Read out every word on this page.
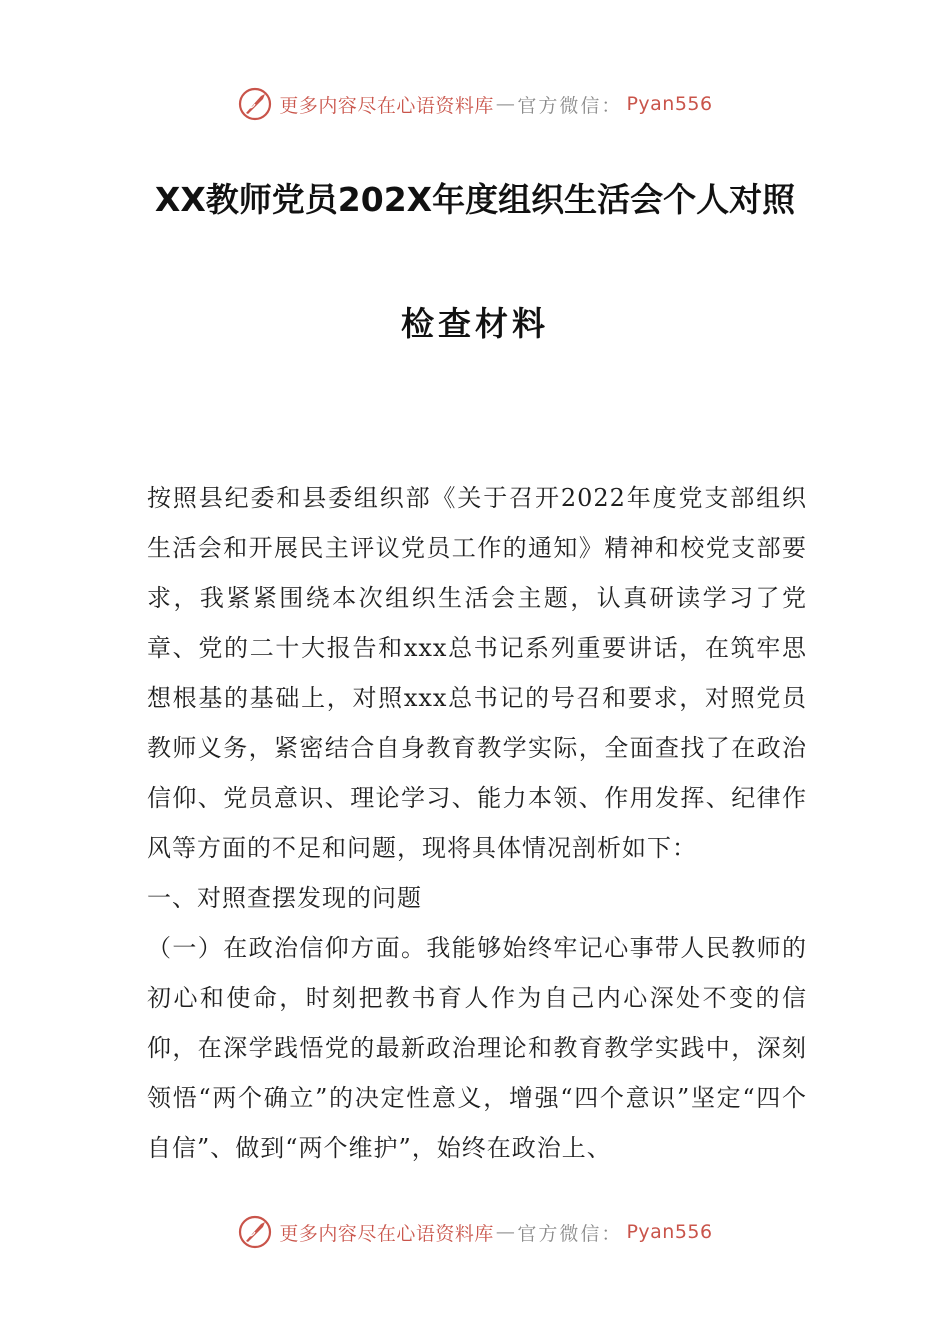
更多内容尽在心语资料库 — 官方微信： Pyan556
XX教师党员202X年度组织生活会个人对照
检查材料

按照县纪委和县委组织部《关于召开2022年度党支部组织生活会和开展民主评议党员工作的通知》精神和校党支部要求，我紧紧围绕本次组织生活会主题，认真研读学习了党章、党的二十大报告和xxx总书记系列重要讲话，在筑牢思想根基的基础上，对照xxx总书记的号召和要求，对照党员教师义务，紧密结合自身教育教学实际，全面查找了在政治信仰、党员意识、理论学习、能力本领、作用发挥、纪律作风等方面的不足和问题，现将具体情况剖析如下：

一、对照查摆发现的问题

（一）在政治信仰方面。我能够始终牢记心事带人民教师的初心和使命，时刻把教书育人作为自己内心深处不变的信仰，在深学践悟党的最新政治理论和教育教学实践中，深刻领悟“两个确立”的决定性意义，增强“四个意识”坚定“四个自信”、做到“两个维护”，始终在政治上、

更多内容尽在心语资料库 — 官方微信： Pyan556
